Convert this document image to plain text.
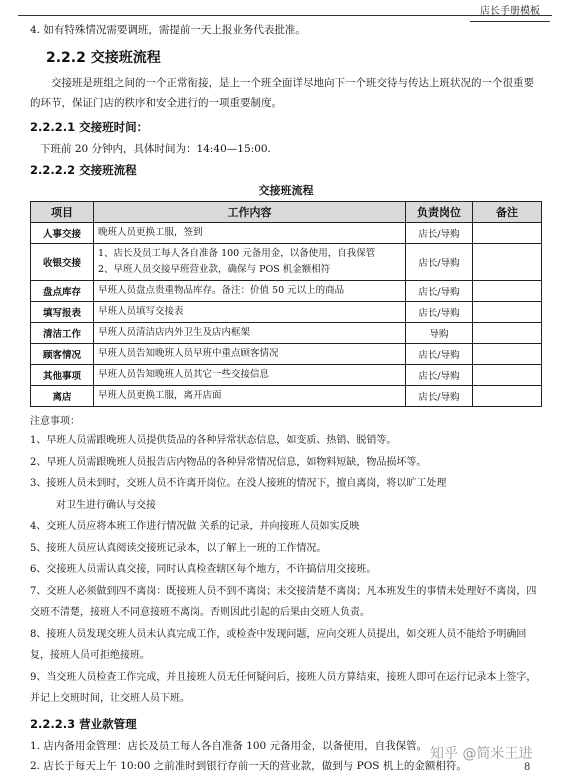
店长手册模板

4. 如有特殊情况需要调班，需提前一天上报业务代表批准。

2.2.2 交接班流程

交接班是班组之间的一个正常衔接，是上一个班全面详尽地向下一个班交待与传达上班状况的一个很重要的环节，保证门店的秩序和安全进行的一项重要制度。

2.2.2.1 交接班时间：

下班前 20 分钟内，具体时间为：14:40—15:00.

2.2.2.2 交接班流程
交接班流程
项目	工作内容	负责岗位	备注
人事交接	晚班人员更换工服，签到	店长/导购	
收银交接	1、店长及员工每人各自准备 100 元备用金，以备使用，自我保管
2、早班人员交接早班营业款，确保与 POS 机金额相符	店长/导购	
盘点库存	早班人员盘点贵重物品库存。备注：价值 50 元以上的商品	店长/导购	
填写报表	早班人员填写交接表	店长/导购	
清洁工作	早班人员清洁店内外卫生及店内框架	导购	
顾客情况	早班人员告知晚班人员早班中重点顾客情况	店长/导购	
其他事项	早班人员告知晚班人员其它一些交接信息	店长/导购	
离店	早班人员更换工服，离开店面	店长/导购	
注意事项：
1、早班人员需跟晚班人员提供货品的各种异常状态信息，如变质、热销、脱销等。
2、早班人员需跟晚班人员报告店内物品的各种异常情况信息，如物料短缺，物品损坏等。
3、接班人员未到时，交班人员不许离开岗位。在没人接班的情况下，擅自离岗，将以旷工处理
对卫生进行确认与交接
4、交班人员应将本班工作进行情况做 关系的记录，并向接班人员如实反映
5、接班人员应认真阅读交接班记录本，以了解上一班的工作情况。
6、交接班人员需认真交接，同时认真检查辖区每个地方，不许搞信用交接班。
7、交班人必须做到四不离岗：既接班人员不到不离岗；未交接清楚不离岗；凡本班发生的事情未处理好不离岗，四交班不清楚，接班人不同意接班不离岗。否则因此引起的后果由交班人负责。
8、接班人员发现交班人员未认真完成工作，或检查中发现问题，应向交班人员提出，如交班人员不能给予明确回复，接班人员可拒绝接班。
9、当交班人员检查工作完成，并且接班人员无任何疑问后，接班人员方算结束，接班人即可在运行记录本上签字，并记上交班时间，让交班人员下班。
2.2.2.3 营业款管理

1. 店内备用金管理：店长及员工每人各自准备 100 元备用金，以备使用，自我保管。

2. 店长于每天上午 10:00 之前准时到银行存前一天的营业款，做到与 POS 机上的金额相符。

知乎 @简米王进
8
